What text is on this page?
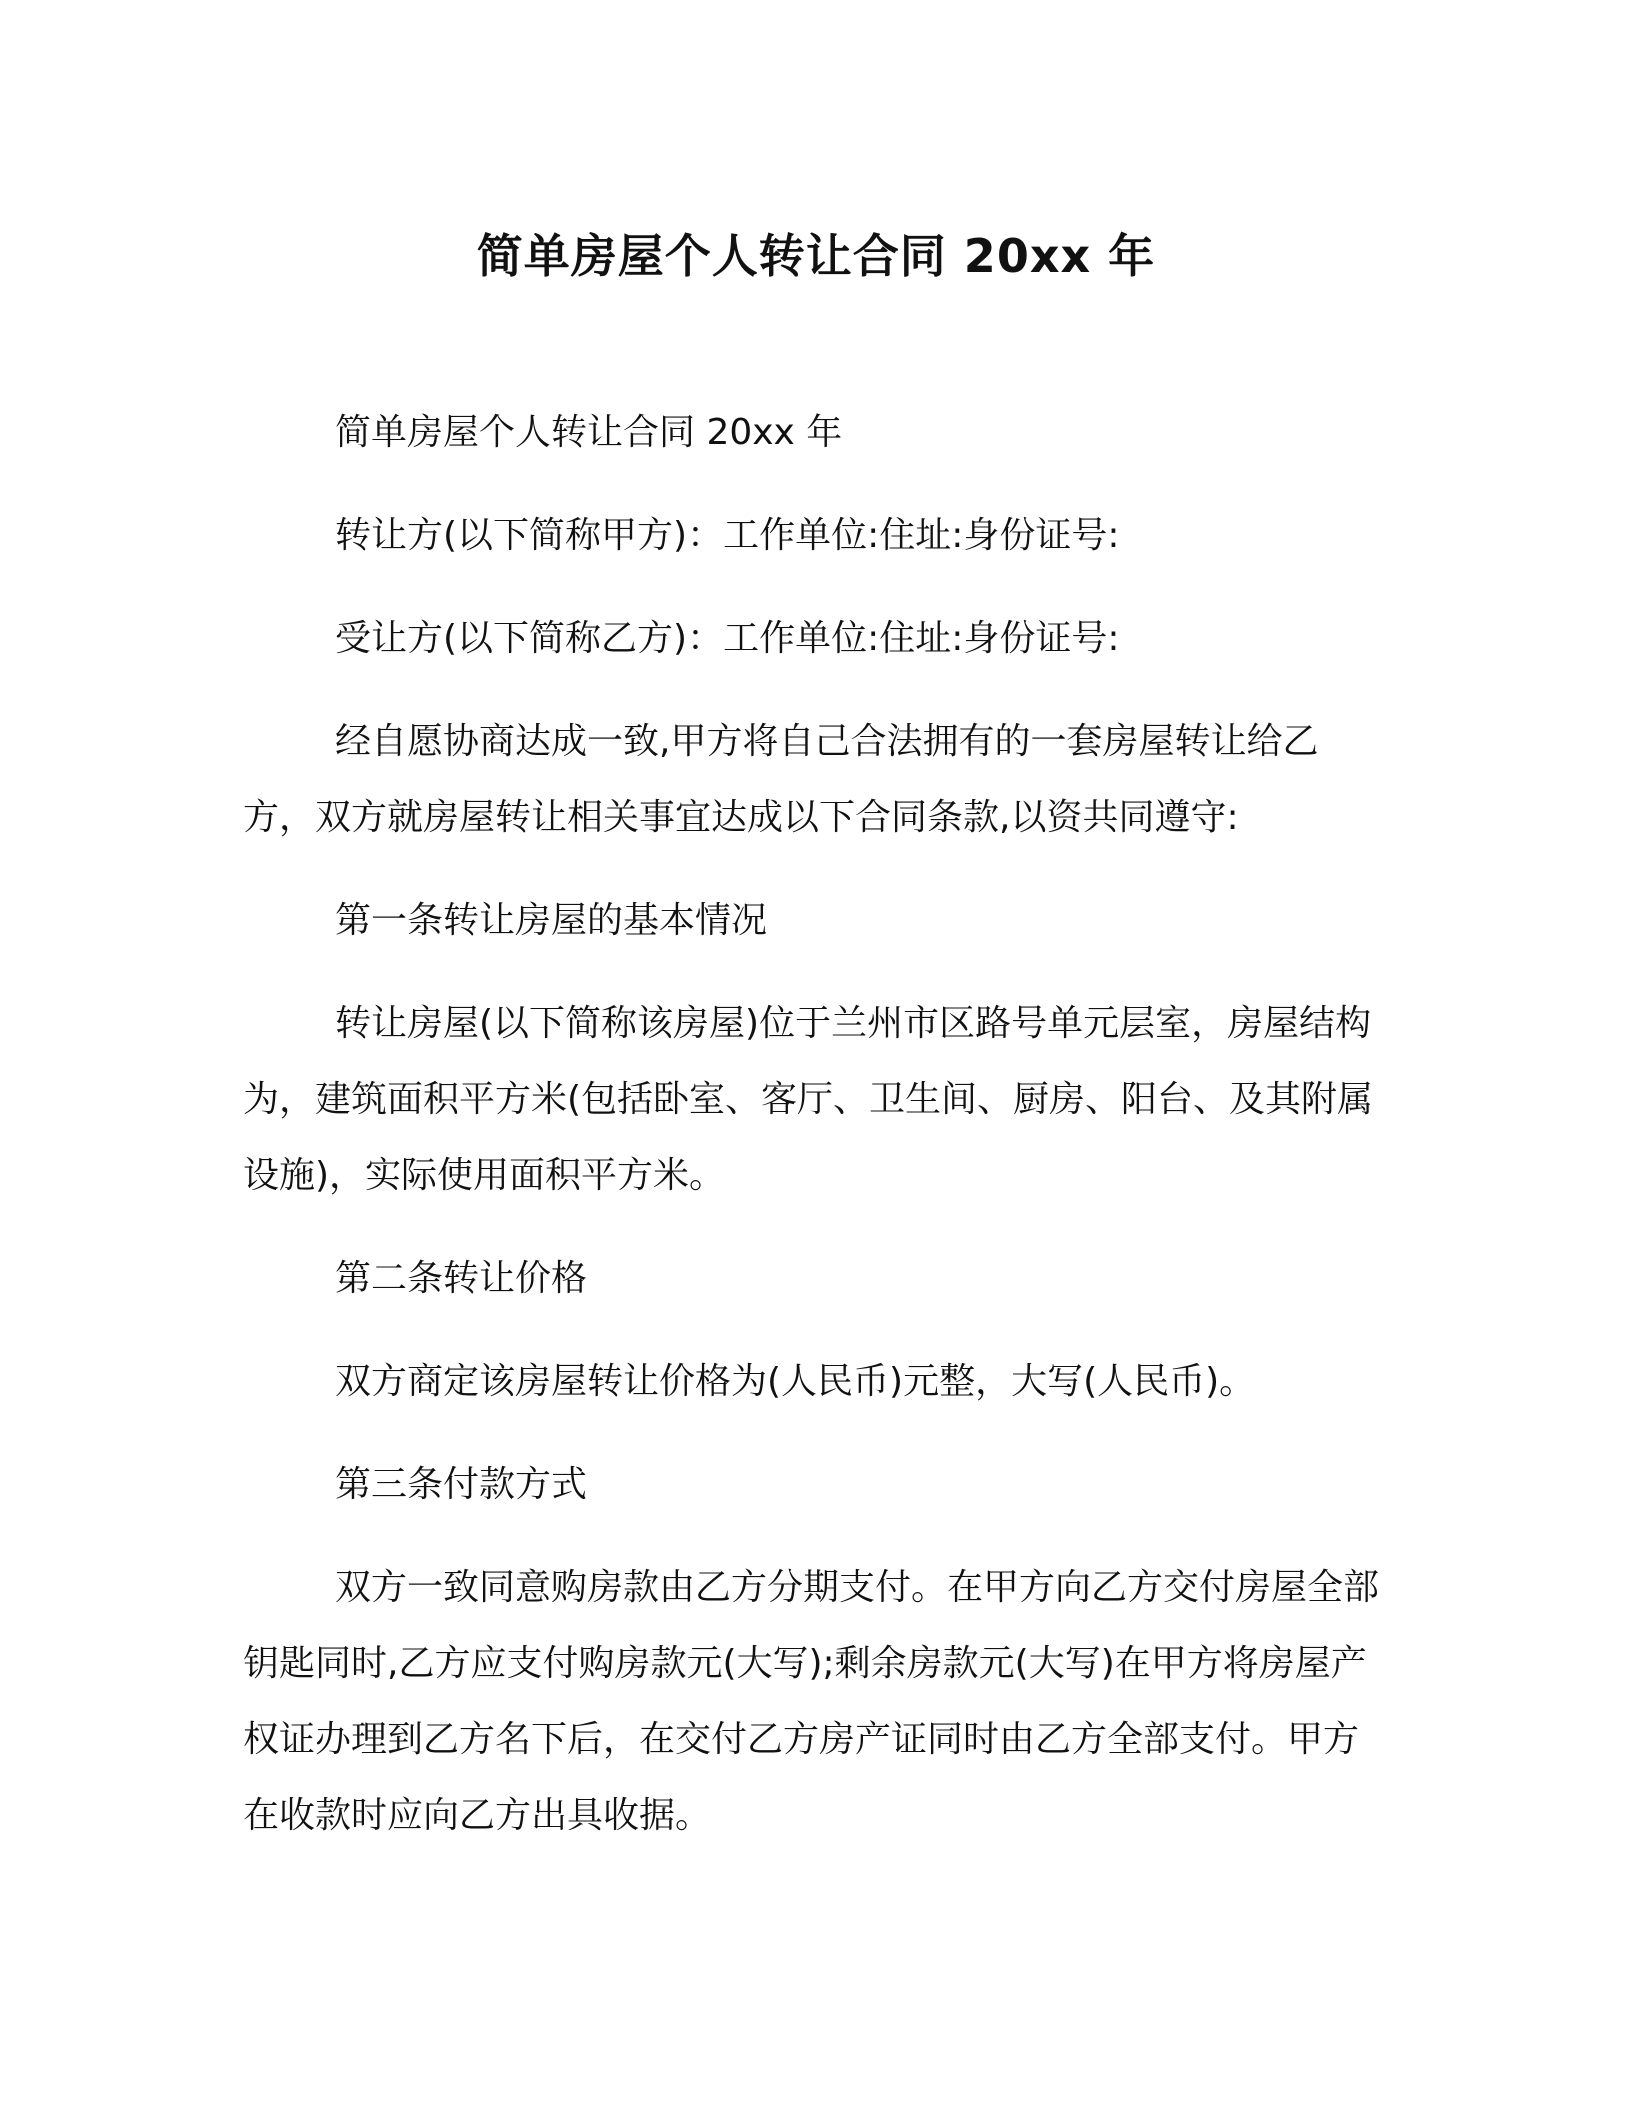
简单房屋个人转让合同 20xx 年

简单房屋个人转让合同 20xx 年

转让方(以下简称甲方)：工作单位:住址:身份证号:

受让方(以下简称乙方)：工作单位:住址:身份证号:

经自愿协商达成一致,甲方将自己合法拥有的一套房屋转让给乙方，双方就房屋转让相关事宜达成以下合同条款,以资共同遵守:

第一条转让房屋的基本情况

转让房屋(以下简称该房屋)位于兰州市区路号单元层室，房屋结构为，建筑面积平方米(包括卧室、客厅、卫生间、厨房、阳台、及其附属设施)，实际使用面积平方米。

第二条转让价格

双方商定该房屋转让价格为(人民币)元整，大写(人民币)。

第三条付款方式

双方一致同意购房款由乙方分期支付。在甲方向乙方交付房屋全部钥匙同时,乙方应支付购房款元(大写);剩余房款元(大写)在甲方将房屋产权证办理到乙方名下后，在交付乙方房产证同时由乙方全部支付。甲方在收款时应向乙方出具收据。
